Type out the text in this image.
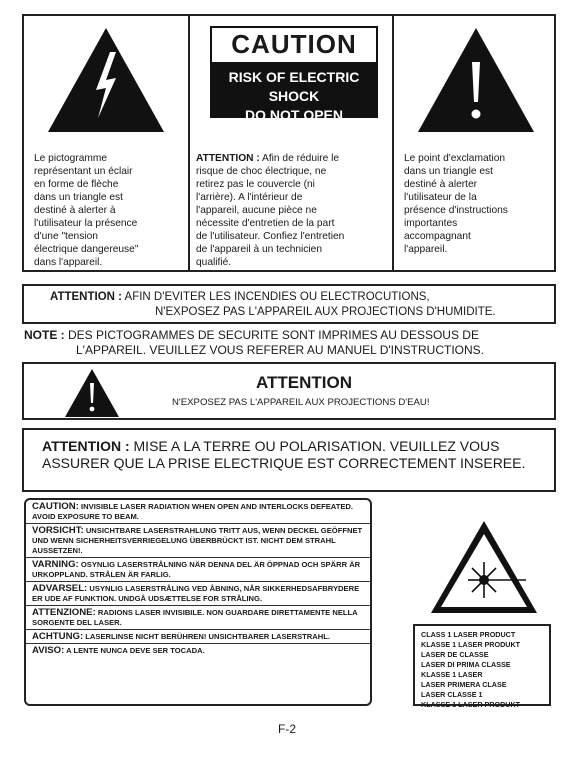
Le pictogramme
représentant un éclair
en forme de flèche
dans un triangle est
destiné à alerter à
l'utilisateur la présence
d'une "tension
électrique dangereuse"
dans l'appareil.
CAUTION
RISK OF ELECTRIC SHOCK
DO NOT OPEN
ATTENTION : Afin de réduire le
risque de choc électrique, ne
retirez pas le couvercle (ni
l'arrière). A l'intérieur de
l'appareil, aucune pièce ne
nécessite d'entretien de la part
de l'utilisateur. Confiez l'entretien
de l'appareil à un technicien
qualifié.
Le point d'exclamation
dans un triangle est
destiné à alerter
l'utilisateur de la
présence d'instructions
importantes
accompagnant
l'appareil.
ATTENTION : AFIN D'EVITER LES INCENDIES OU ELECTROCUTIONS,
N'EXPOSEZ PAS L'APPAREIL AUX PROJECTIONS D'HUMIDITE.
NOTE : DES PICTOGRAMMES DE SECURITE SONT IMPRIMES AU DESSOUS DE
L'APPAREIL. VEUILLEZ VOUS REFERER AU MANUEL D'INSTRUCTIONS.
ATTENTION
N'EXPOSEZ PAS L'APPAREIL AUX PROJECTIONS D'EAU!
ATTENTION : MISE A LA TERRE OU POLARISATION. VEUILLEZ VOUS ASSURER QUE LA PRISE ELECTRIQUE EST CORRECTEMENT INSEREE.
CAUTION: INVISIBLE LASER RADIATION WHEN OPEN AND INTERLOCKS DEFEATED. AVOID EXPOSURE TO BEAM.
VORSICHT: UNSICHTBARE LASERSTRAHLUNG TRITT AUS, WENN DECKEL GEÖFFNET UND WENN SICHERHEITSVERRIEGELUNG ÜBERBRÜCKT IST. NICHT DEM STRAHL AUSSETZEN!.
VARNING: OSYNLIG LASERSTRÅLNING NÄR DENNA DEL ÄR ÖPPNAD OCH SPÄRR ÄR URKOPPLAND. STRÅLEN ÄR FARLIG.
ADVARSEL: USYNLIG LASERSTRÅLING VED ÅBNING, NÅR SIKKERHEDSAFBRYDERE ER UDE AF FUNKTION. UNDGÅ UDSÆTTELSE FOR STRÅLING.
ATTENZIONE: RADIONS LASER INVISIBILE. NON GUARDARE DIRETTAMENTE NELLA SORGENTE DEL LASER.
ACHTUNG: LASERLINSE NICHT BERÜHREN! UNSICHTBARER LASERSTRAHL.
AVISO: A LENTE NUNCA DEVE SER TOCADA.
CLASS 1 LASER PRODUCT
KLASSE 1 LASER PRODUKT
LASER DE CLASSE
LASER DI PRIMA CLASSE
KLASSE 1 LASER
LASER PRIMERA CLASE
LASER CLASSE 1
KLASSE 1 LASER PRODUKT
F-2
